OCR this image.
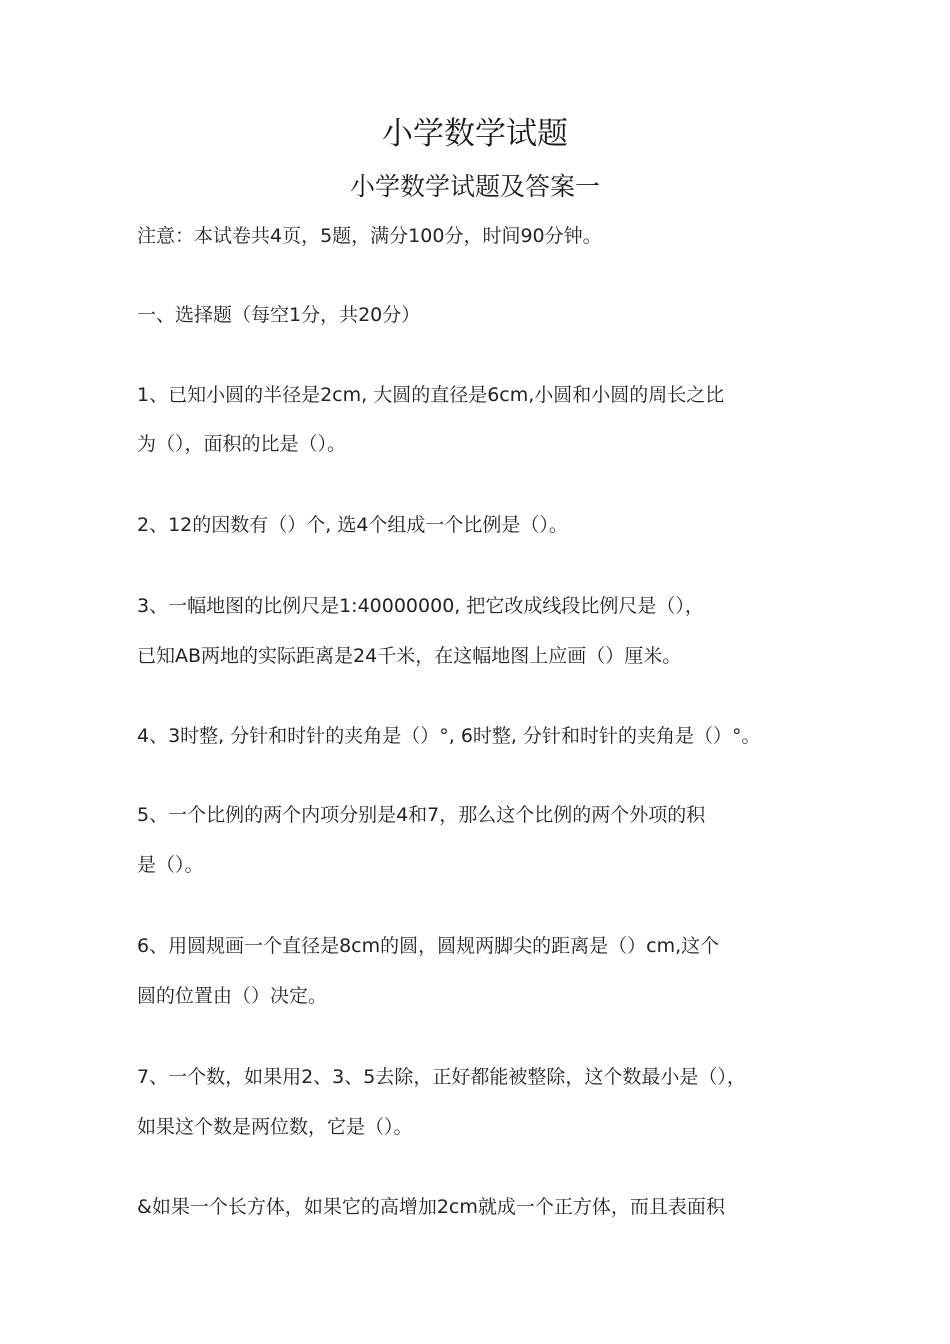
小学数学试题
小学数学试题及答案一
注意：本试卷共4页，5题，满分100分，时间90分钟。
一、选择题（每空1分，共20分）
1、已知小圆的半径是2cm, 大圆的直径是6cm,小圆和小圆的周长之比
为（），面积的比是（）。
2、12的因数有（）个, 选4个组成一个比例是（）。
3、一幅地图的比例尺是1:40000000, 把它改成线段比例尺是（），
已知AB两地的实际距离是24千米，在这幅地图上应画（）厘米。
4、3时整, 分针和时针的夹角是（）°, 6时整, 分针和时针的夹角是（）°。
5、一个比例的两个内项分别是4和7，那么这个比例的两个外项的积
是（）。
6、用圆规画一个直径是8cm的圆，圆规两脚尖的距离是（）cm,这个
圆的位置由（）决定。
7、一个数，如果用2、3、5去除，正好都能被整除，这个数最小是（），
如果这个数是两位数，它是（）。
&如果一个长方体，如果它的高增加2cm就成一个正方体，而且表面积
